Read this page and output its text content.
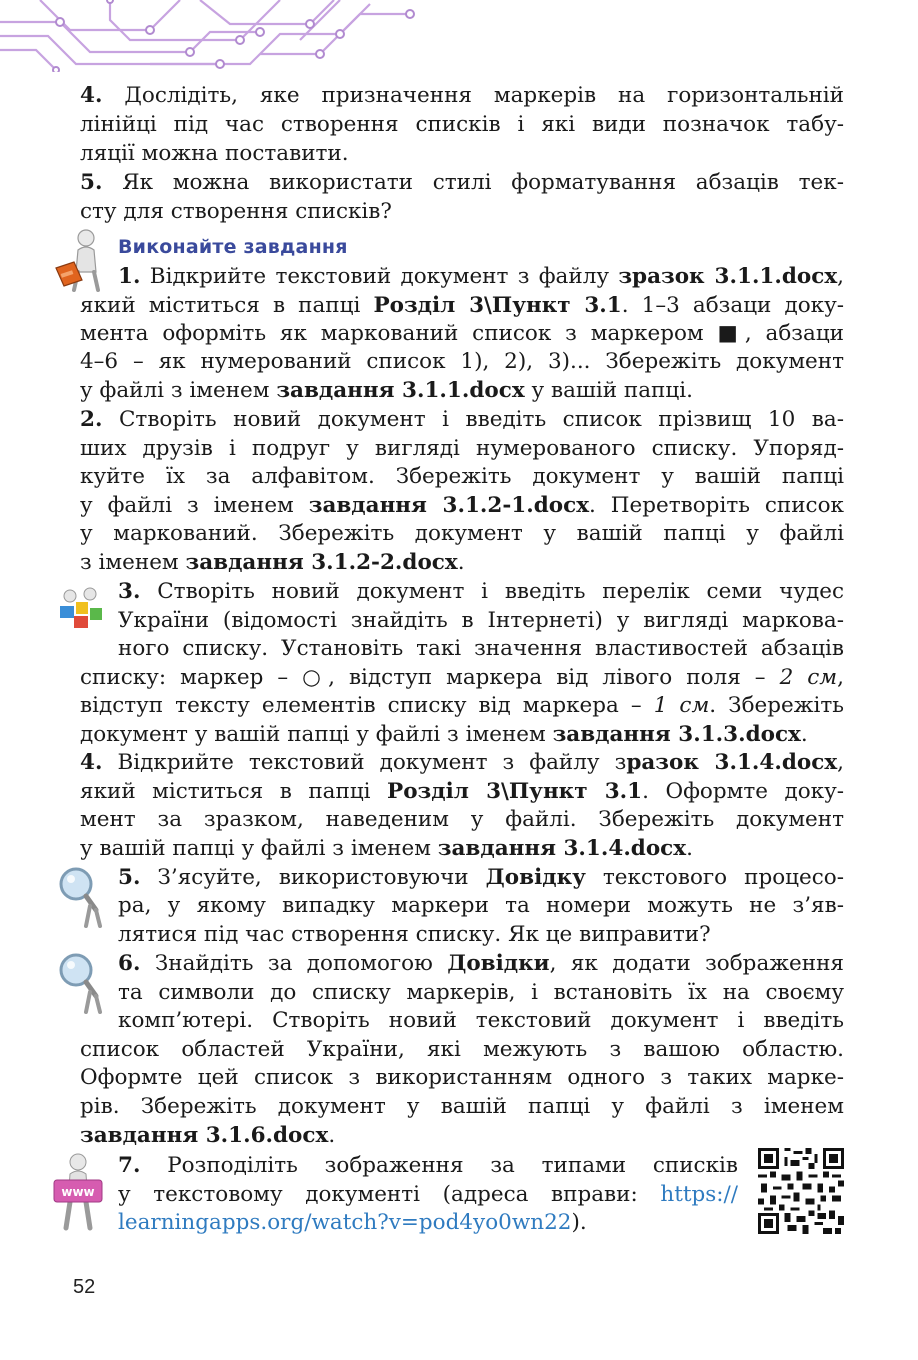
4. Дослідіть, яке призначення маркерів на горизонтальній
лінійці під час створення списків і які види позначок табу-
ляції можна поставити.
5. Як можна використати стилі форматування абзаців тек-
сту для створення списків?
Виконайте завдання
1. Відкрийте текстовий документ з файлу зразок 3.1.1.docx,
який міститься в папці Розділ 3\Пункт 3.1. 1–3 абзаци доку-
мента оформіть як маркований список з маркером ■, абзаци
4–6 – як нумерований список 1), 2), 3)... Збережіть документ
у файлі з іменем завдання 3.1.1.docx у вашій папці.
2. Створіть новий документ і введіть список прізвищ 10 ва-
ших друзів і подруг у вигляді нумерованого списку. Упоряд-
куйте їх за алфавітом. Збережіть документ у вашій папці
у файлі з іменем завдання 3.1.2-1.docx. Перетворіть список
у маркований. Збережіть документ у вашій папці у файлі
з іменем завдання 3.1.2-2.docx.
3. Створіть новий документ і введіть перелік семи чудес
України (відомості знайдіть в Інтернеті) у вигляді маркова-
ного списку. Установіть такі значення властивостей абзаців
списку: маркер – ○, відступ маркера від лівого поля – 2 см,
відступ тексту елементів списку від маркера – 1 см. Збережіть
документ у вашій папці у файлі з іменем завдання 3.1.3.docx.
4. Відкрийте текстовий документ з файлу зразок 3.1.4.docx,
який міститься в папці Розділ 3\Пункт 3.1. Оформте доку-
мент за зразком, наведеним у файлі. Збережіть документ
у вашій папці у файлі з іменем завдання 3.1.4.docx.
5. З’ясуйте, використовуючи Довідку текстового процесо-
ра, у якому випадку маркери та номери можуть не з’яв-
лятися під час створення списку. Як це виправити?
6. Знайдіть за допомогою Довідки, як додати зображення
та символи до списку маркерів, і встановіть їх на своєму
комп’ютері. Створіть новий текстовий документ і введіть
список областей України, які межують з вашою областю.
Оформте цей список з використанням одного з таких марке-
рів. Збережіть документ у вашій папці у файлі з іменем
завдання 3.1.6.docx.
www
7. Розподіліть зображення за типами списків
у текстовому документі (адреса вправи: https://
learningapps.org/watch?v=pod4yo0wn22).
52
